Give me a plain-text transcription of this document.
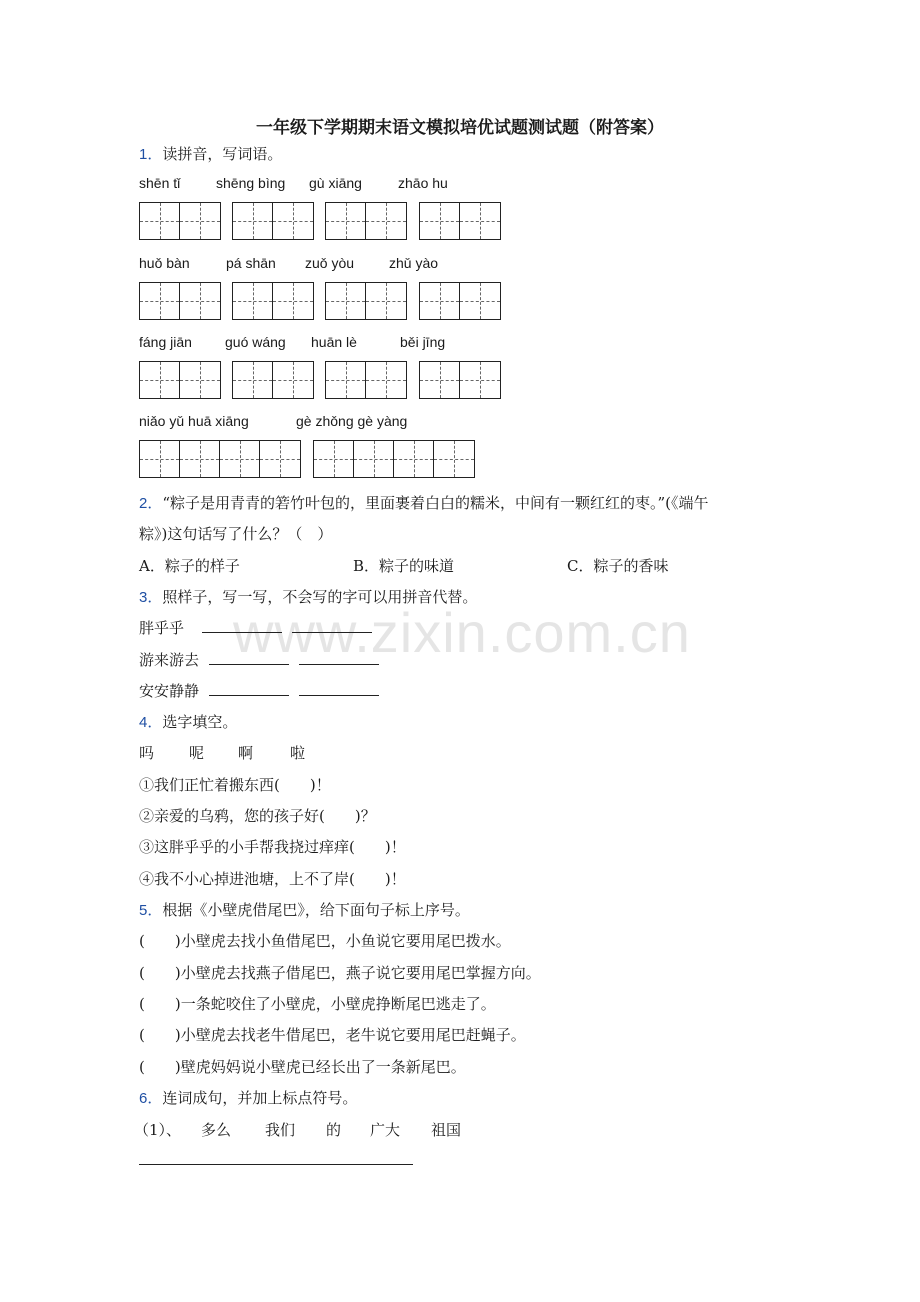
www.zixin.com.cn
一年级下学期期末语文模拟培优试题测试题（附答案）
1．读拼音，写词语。
shēn tǐ	shēng bìng gù xiāng	zhāo hu
huǒ bàn	pá shān zuǒ yòu zhǔ yào
fáng jiān guó wáng huān lè	běi jīng
niǎo yǔ huā xiāng	gè zhǒng gè yàng
2．“粽子是用青青的箬竹叶包的，里面裹着白白的糯米，中间有一颗红红的枣。”(《端午
粽》)这句话写了什么？（　）
A．粽子的样子	B．粽子的味道	C．粽子的香味
3．照样子，写一写，不会写的字可以用拼音代替。
胖乎乎
游来游去
安安静静
4．选字填空。
吗 呢 啊 啦
①我们正忙着搬东西(　　)！
②亲爱的乌鸦，您的孩子好(　　)？
③这胖乎乎的小手帮我挠过痒痒(　　)！
④我不小心掉进池塘，上不了岸(　　)！
5．根据《小壁虎借尾巴》，给下面句子标上序号。
(　　)小壁虎去找小鱼借尾巴，小鱼说它要用尾巴拨水。
(　　)小壁虎去找燕子借尾巴，燕子说它要用尾巴掌握方向。
(　　)一条蛇咬住了小壁虎，小壁虎挣断尾巴逃走了。
(　　)小壁虎去找老牛借尾巴，老牛说它要用尾巴赶蝇子。
(　　)壁虎妈妈说小壁虎已经长出了一条新尾巴。
6．连词成句，并加上标点符号。
（1）、 多么 我们 的 广大 祖国
